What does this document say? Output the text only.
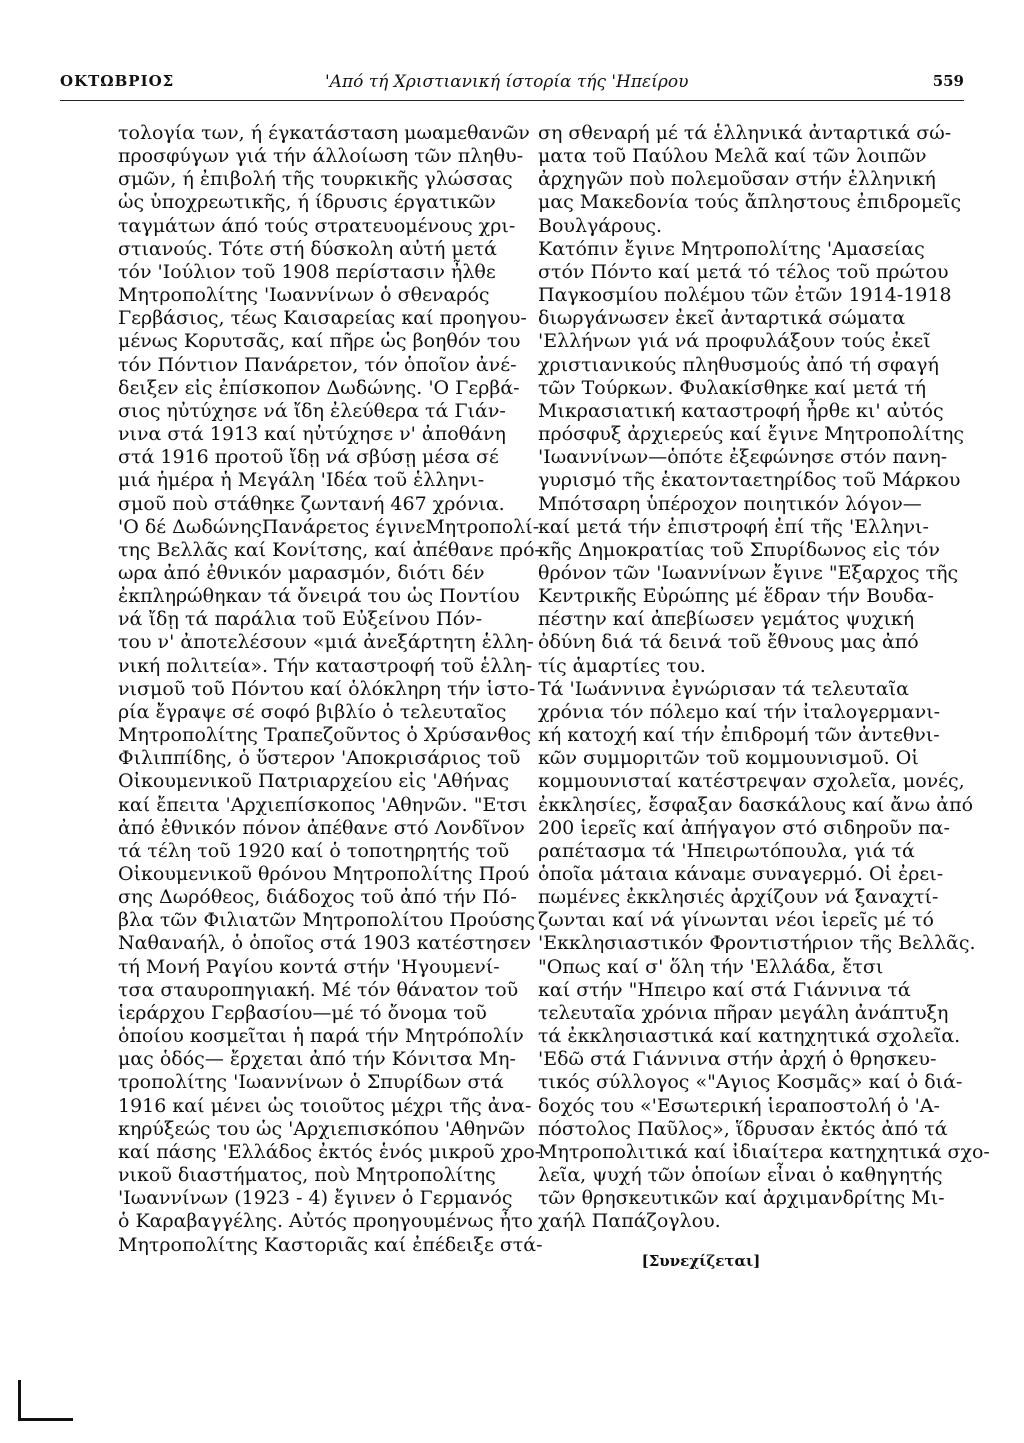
ΟΚΤΩΒΡΙΟΣ	'Από τή Χριστιανική ίστορία τής 'Ηπείρου	559
τολογία των, ή έγκατάσταση μωαμεθανῶν
προσφύγων γιά τήν άλλοίωση τῶν πληθυ-
σμῶν, ή ἐπιβολή τῆς τουρκικῆς γλώσσας
ὡς ὑποχρεωτικῆς, ή ίδρυσις έργατικῶν
ταγμάτων άπό τούς στρατευομένους χρι-
στιανούς. Τότε στή δύσκολη αὐτή μετά
τόν 'Ιούλιον τοῦ 1908 περίστασιν ἦλθε
Μητροπολίτης 'Ιωαννίνων ὁ σθεναρός
Γερβάσιος, τέως Καισαρείας καί προηγου-
μένως Κορυτσᾶς, καί πῆρε ὡς βοηθόν του
τόν Πόντιον Πανάρετον, τόν ὁποῖον ἀνέ-
δειξεν εἰς ἐπίσκοπον Δωδώνης. 'Ο Γερβά-
σιος ηὐτύχησε νά ἴδη ἐλεύθερα τά Γιάν-
νινα στά 1913 καί ηὐτύχησε ν' ἀποθάνη
στά 1916 προτοῦ ἴδῃ νά σβύσῃ μέσα σέ
μιά ἡμέρα ἡ Μεγάλη 'Ιδέα τοῦ ἑλληνι-
σμοῦ ποὺ στάθηκε ζωντανή 467 χρόνια.
'Ο δέ ΔωδώνηςΠανάρετος έγινεΜητροπολί-
της Βελλᾶς καί Κονίτσης, καί ἀπέθανε πρό-
ωρα ἀπό ἐθνικόν μαρασμόν, διότι δέν
ἐκπληρώθηκαν τά ὄνειρά του ὡς Ποντίου
νά ἴδῃ τά παράλια τοῦ Εὐξείνου Πόν-
του ν' ἀποτελέσουν «μιά ἀνεξάρτητη ἑλλη-
νική πολιτεία». Τήν καταστροφή τοῦ ἑλλη-
νισμοῦ τοῦ Πόντου καί ὁλόκληρη τήν ἱστο-
ρία ἔγραψε σέ σοφό βιβλίο ὁ τελευταῖος
Μητροπολίτης Τραπεζοῦντος ὁ Χρύσανθος
Φιλιππίδης, ὁ ὕστερον 'Αποκρισάριος τοῦ
Οἰκουμενικοῦ Πατριαρχείου εἰς 'Αθήνας
καί ἔπειτα 'Αρχιεπίσκοπος 'Αθηνῶν. "Ετσι
ἀπό ἐθνικόν πόνον ἀπέθανε στό Λονδῖνον
τά τέλη τοῦ 1920 καί ὁ τοποτηρητής τοῦ
Οἰκουμενικοῦ θρόνου Μητροπολίτης Πρού
σης Δωρόθεος, διάδοχος τοῦ ἀπό τήν Πό-
βλα τῶν Φιλιατῶν Μητροπολίτου Προύσης
Ναθαναήλ, ὁ ὁποῖος στά 1903 κατέστησεν
τή Μονή Ραγίου κοντά στήν 'Ηγουμενί-
τσα σταυροπηγιακή. Μέ τόν θάνατον τοῦ
ἱεράρχου Γερβασίου—μέ τό ὄνομα τοῦ
ὁποίου κοσμεῖται ἡ παρά τήν Μητρόπολίν
μας ὁδός— ἔρχεται ἀπό τήν Κόνιτσα Μη-
τροπολίτης 'Ιωαννίνων ὁ Σπυρίδων στά
1916 καί μένει ὡς τοιοῦτος μέχρι τῆς ἀνα-
κηρύξεώς του ὡς 'Αρχιεπισκόπου 'Αθηνῶν
καί πάσης 'Ελλάδος ἐκτός ἑνός μικροῦ χρο-
νικοῦ διαστήματος, ποὺ Μητροπολίτης
'Ιωαννίνων (1923 - 4) ἔγινεν ὁ Γερμανός
ὁ Καραβαγγέλης. Αὐτός προηγουμένως ἦτο
Μητροπολίτης Καστοριᾶς καί ἐπέδειξε στά-
ση σθεναρή μέ τά ἑλληνικά ἀνταρτικά σώ-
ματα τοῦ Παύλου Μελᾶ καί τῶν λοιπῶν
ἀρχηγῶν ποὺ πολεμοῦσαν στήν ἑλληνική
μας Μακεδονία τούς ἄπληστους ἐπιδρομεῖς
Βουλγάρους.
Κατόπιν ἔγινε Μητροπολίτης 'Αμασείας
στόν Πόντο καί μετά τό τέλος τοῦ πρώτου
Παγκοσμίου πολέμου τῶν ἐτῶν 1914-1918
διωργάνωσεν ἐκεῖ ἀνταρτικά σώματα
'Ελλήνων γιά νά προφυλάξουν τούς ἐκεῖ
χριστιανικούς πληθυσμούς ἀπό τή σφαγή
τῶν Τούρκων. Φυλακίσθηκε καί μετά τή
Μικρασιατική καταστροφή ἦρθε κι' αὐτός
πρόσφυξ ἀρχιερεύς καί ἔγινε Μητροπολίτης
'Ιωαννίνων—ὁπότε ἐξεφώνησε στόν πανη-
γυρισμό τῆς ἑκατονταετηρίδος τοῦ Μάρκου
Μπότσαρη ὑπέροχον ποιητικόν λόγον—
καί μετά τήν ἐπιστροφή ἐπί τῆς 'Ελληνι-
κῆς Δημοκρατίας τοῦ Σπυρίδωνος εἰς τόν
θρόνον τῶν 'Ιωαννίνων ἔγινε "Εξαρχος τῆς
Κεντρικῆς Εὐρώπης μέ ἕδραν τήν Βουδα-
πέστην καί ἀπεβίωσεν γεμάτος ψυχική
ὀδύνη διά τά δεινά τοῦ ἔθνους μας ἀπό
τίς ἁμαρτίες του.
Τά 'Ιωάννινα ἐγνώρισαν τά τελευταῖα
χρόνια τόν πόλεμο καί τήν ἰταλογερμανι-
κή κατοχή καί τήν ἐπιδρομή τῶν ἀντεθνι-
κῶν συμμοριτῶν τοῦ κομμουνισμοῦ. Οἱ
κομμουνισταί κατέστρεψαν σχολεῖα, μονές,
ἐκκλησίες, ἔσφαξαν δασκάλους καί ἄνω ἀπό
200 ἱερεῖς καί ἀπήγαγον στό σιδηροῦν πα-
ραπέτασμα τά 'Ηπειρωτόπουλα, γιά τά
ὁποῖα μάταια κάναμε συναγερμό. Οἱ ἐρει-
πωμένες ἐκκλησιές ἀρχίζουν νά ξαναχτί-
ζωνται καί νά γίνωνται νέοι ἱερεῖς μέ τό
'Εκκλησιαστικόν Φροντιστήριον τῆς Βελλᾶς.
"Οπως καί σ' ὅλη τήν 'Ελλάδα, ἔτσι
καί στήν "Ηπειρο καί στά Γιάννινα τά
τελευταῖα χρόνια πῆραν μεγάλη ἀνάπτυξη
τά ἐκκλησιαστικά καί κατηχητικά σχολεῖα.
'Εδῶ στά Γιάννινα στήν ἀρχή ὁ θρησκευ-
τικός σύλλογος «"Αγιος Κοσμᾶς» καί ὁ διά-
δοχός του «'Εσωτερική ἱεραποστολή ὁ 'Α-
πόστολος Παῦλος», ἵδρυσαν ἐκτός ἀπό τά
Μητροπολιτικά καί ἰδιαίτερα κατηχητικά σχο-
λεῖα, ψυχή τῶν ὁποίων εἶναι ὁ καθηγητής
τῶν θρησκευτικῶν καί ἀρχιμανδρίτης Μι-
χαήλ Παπάζογλου.
[Συνεχίζεται]
